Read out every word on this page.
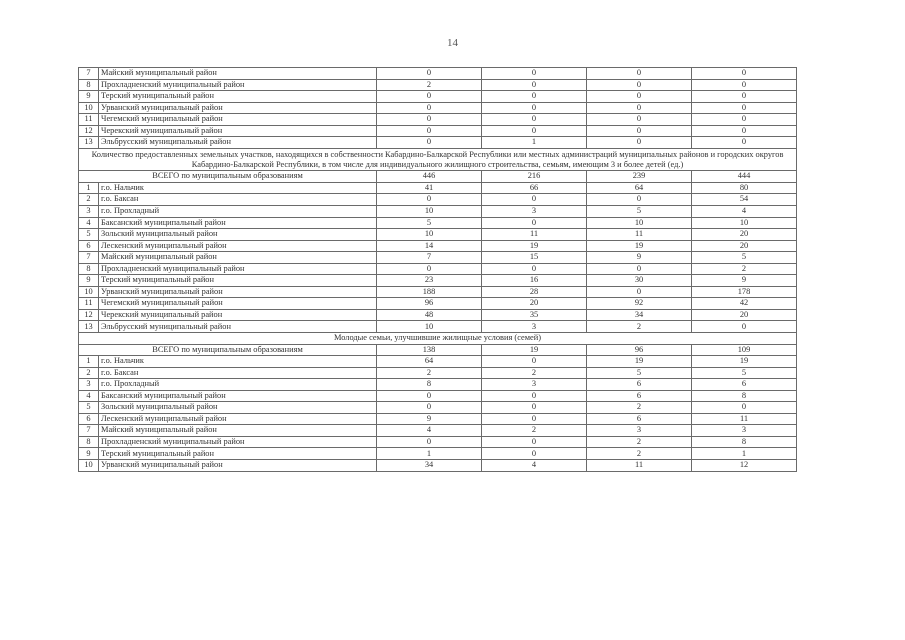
14
7	Майский муниципальный район	0	0	0	0
8	Прохладненский муниципальный район	2	0	0	0
9	Терский муниципальный район	0	0	0	0
10	Урванский муниципальный район	0	0	0	0
11	Чегемский муниципальный район	0	0	0	0
12	Черекский муниципальный район	0	0	0	0
13	Эльбрусский муниципальный район	0	1	0	0
Количество предоставленных земельных участков, находящихся в собственности Кабардино-Балкарской Республики или местных администраций муниципальных районов и городских округов Кабардино-Балкарской Республики, в том числе для индивидуального жилищного строительства, семьям, имеющим 3 и более детей (ед.)					
ВСЕГО по муниципальным образованиям		446	216	239	444
1	г.о. Нальчик	41	66	64	80
2	г.о. Баксан	0	0	0	54
3	г.о. Прохладный	10	3	5	4
4	Баксанский муниципальный район	5	0	10	10
5	Зольский муниципальный район	10	11	11	20
6	Лескенский муниципальный район	14	19	19	20
7	Майский муниципальный район	7	15	9	5
8	Прохладненский муниципальный район	0	0	0	2
9	Терский муниципальный район	23	16	30	9
10	Урванский муниципальный район	188	28	0	178
11	Чегемский муниципальный район	96	20	92	42
12	Черекский муниципальный район	48	35	34	20
13	Эльбрусский муниципальный район	10	3	2	0
Молодые семьи, улучшившие жилищные условия (семей)					
ВСЕГО по муниципальным образованиям		138	19	96	109
1	г.о. Нальчик	64	0	19	19
2	г.о. Баксан	2	2	5	5
3	г.о. Прохладный	8	3	6	6
4	Баксанский муниципальный район	0	0	6	8
5	Зольский муниципальный район	0	0	2	0
6	Лескенский муниципальный район	9	0	6	11
7	Майский муниципальный район	4	2	3	3
8	Прохладненский муниципальный район	0	0	2	8
9	Терский муниципальный район	1	0	2	1
10	Урванский муниципальный район	34	4	11	12
